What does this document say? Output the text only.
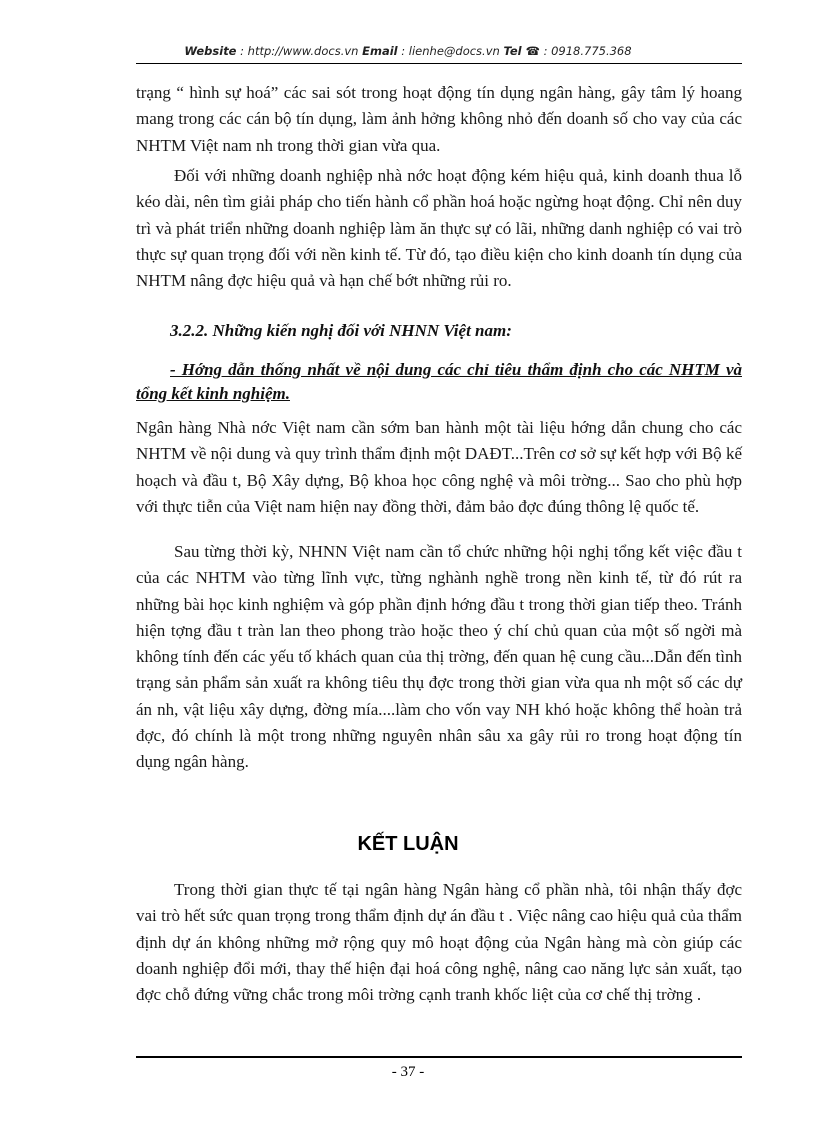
Website : http://www.docs.vn Email : lienhe@docs.vn Tel ☎ : 0918.775.368

trạng “ hình sự hoá” các sai sót trong hoạt động tín dụng ngân hàng, gây tâm lý hoang mang trong các cán bộ tín dụng, làm ảnh hởng không nhỏ đến doanh số cho vay của các NHTM Việt nam nh trong thời gian vừa qua.

Đối với những doanh nghiệp nhà nớc hoạt động kém hiệu quả, kinh doanh thua lỗ kéo dài, nên tìm giải pháp cho tiến hành cổ phần hoá hoặc ngừng hoạt động. Chỉ nên duy trì và phát triển những doanh nghiệp làm ăn thực sự có lãi, những danh nghiệp có vai trò thực sự quan trọng đối với nền kinh tế. Từ đó, tạo điều kiện cho kinh doanh tín dụng của NHTM nâng đợc hiệu quả và hạn chế bớt những rủi ro.

3.2.2. Những kiến nghị đối với NHNN Việt nam:
- Hớng dẫn thống nhất về nội dung các chỉ tiêu thẩm định cho các NHTM và tổng kết kinh nghiệm.

Ngân hàng Nhà nớc Việt nam cần sớm ban hành một tài liệu hớng dẫn chung cho các NHTM về nội dung và quy trình thẩm định một DAĐT...Trên cơ sở sự kết hợp với Bộ kế hoạch và đầu t, Bộ Xây dựng, Bộ khoa học công nghệ và môi trờng... Sao cho phù hợp với thực tiễn của Việt nam hiện nay đồng thời, đảm bảo đợc đúng thông lệ quốc tế.

Sau từng thời kỳ, NHNN Việt nam cần tổ chức những hội nghị tổng kết việc đầu t của các NHTM vào từng lĩnh vực, từng nghành nghề trong nền kinh tế, từ đó rút ra những bài học kinh nghiệm và góp phần định hớng đầu t trong thời gian tiếp theo. Tránh hiện tợng đầu t tràn lan theo phong trào hoặc theo ý chí chủ quan của một số ngời mà không tính đến các yếu tố khách quan của thị trờng, đến quan hệ cung cầu...Dẫn đến tình trạng sản phẩm sản xuất ra không tiêu thụ đợc trong thời gian vừa qua nh một số các dự án nh, vật liệu xây dựng, đờng mía....làm cho vốn vay NH khó hoặc không thể hoàn trả đợc, đó chính là một trong những nguyên nhân sâu xa gây rủi ro trong hoạt động tín dụng ngân hàng.

KẾT LUẬN

Trong thời gian thực tế tại ngân hàng Ngân hàng cổ phần nhà, tôi nhận thấy đợc vai trò hết sức quan trọng trong thẩm định dự án đầu t . Việc nâng cao hiệu quả của thẩm định dự án không những mở rộng quy mô hoạt động của Ngân hàng mà còn giúp các doanh nghiệp đổi mới, thay thế hiện đại hoá công nghệ, nâng cao năng lực sản xuất, tạo đợc chỗ đứng vững chắc trong môi trờng cạnh tranh khốc liệt của cơ chế thị trờng .

- 37 -
